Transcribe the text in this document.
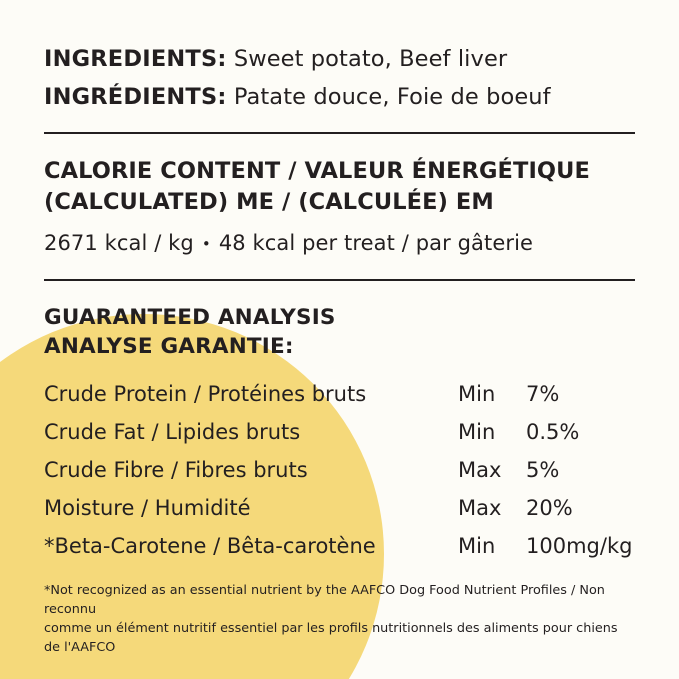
INGREDIENTS: Sweet potato, Beef liver
INGRÉDIENTS: Patate douce, Foie de boeuf
CALORIE CONTENT / VALEUR ÉNERGÉTIQUE
(CALCULATED) ME / (CALCULÉE) EM
2671 kcal / kg • 48 kcal per treat / par gâterie
GUARANTEED ANALYSIS
ANALYSE GARANTIE:
Crude Protein / Protéines bruts	Min	7%
Crude Fat / Lipides bruts	Min	0.5%
Crude Fibre / Fibres bruts	Max	5%
Moisture / Humidité	Max	20%
*Beta-Carotene / Bêta-carotène	Min	100mg/kg
*Not recognized as an essential nutrient by the AAFCO Dog Food Nutrient Profiles / Non reconnu
comme un élément nutritif essentiel par les profils nutritionnels des aliments pour chiens de l'AAFCO
